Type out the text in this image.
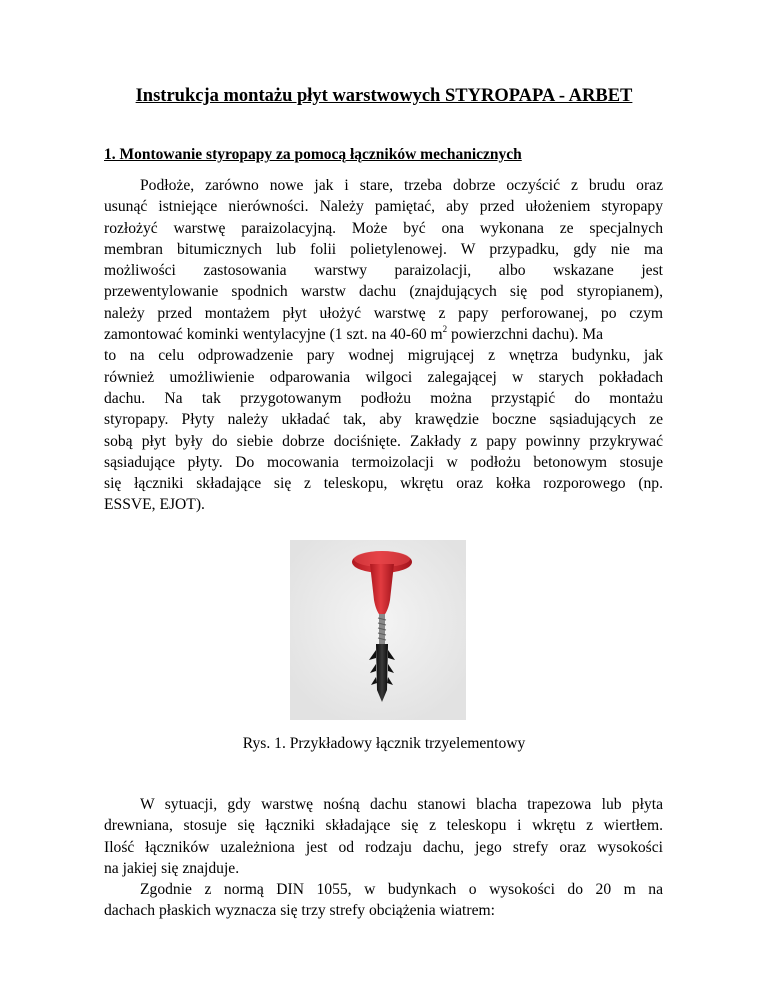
Instrukcja montażu płyt warstwowych STYROPAPA - ARBET
1. Montowanie styropapy za pomocą łączników mechanicznych
Podłoże, zarówno nowe jak i stare, trzeba dobrze oczyścić z brudu oraz
usunąć istniejące nierówności. Należy pamiętać, aby przed ułożeniem styropapy
rozłożyć warstwę paraizolacyjną. Może być ona wykonana ze specjalnych
membran bitumicznych lub folii polietylenowej. W przypadku, gdy nie ma
możliwości zastosowania warstwy paraizolacji, albo wskazane jest
przewentylowanie spodnich warstw dachu (znajdujących się pod styropianem),
należy przed montażem płyt ułożyć warstwę z papy perforowanej, po czym
zamontować kominki wentylacyjne (1 szt. na 40-60 $m^2$ powierzchni dachu). Ma
to na celu odprowadzenie pary wodnej migrującej z wnętrza budynku, jak
również umożliwienie odparowania wilgoci zalegającej w starych pokładach
dachu. Na tak przygotowanym podłożu można przystąpić do montażu
styropapy. Płyty należy układać tak, aby krawędzie boczne sąsiadujących ze
sobą płyt były do siebie dobrze dociśnięte. Zakłady z papy powinny przykrywać
sąsiadujące płyty. Do mocowania termoizolacji w podłożu betonowym stosuje
się łączniki składające się z teleskopu, wkrętu oraz kołka rozporowego (np.
ESSVE, EJOT).
Rys. 1. Przykładowy łącznik trzyelementowy
W sytuacji, gdy warstwę nośną dachu stanowi blacha trapezowa lub płyta
drewniana, stosuje się łączniki składające się z teleskopu i wkrętu z wiertłem.
Ilość łączników uzależniona jest od rodzaju dachu, jego strefy oraz wysokości
na jakiej się znajduje.
Zgodnie z normą DIN 1055, w budynkach o wysokości do 20 m na
dachach płaskich wyznacza się trzy strefy obciążenia wiatrem:
